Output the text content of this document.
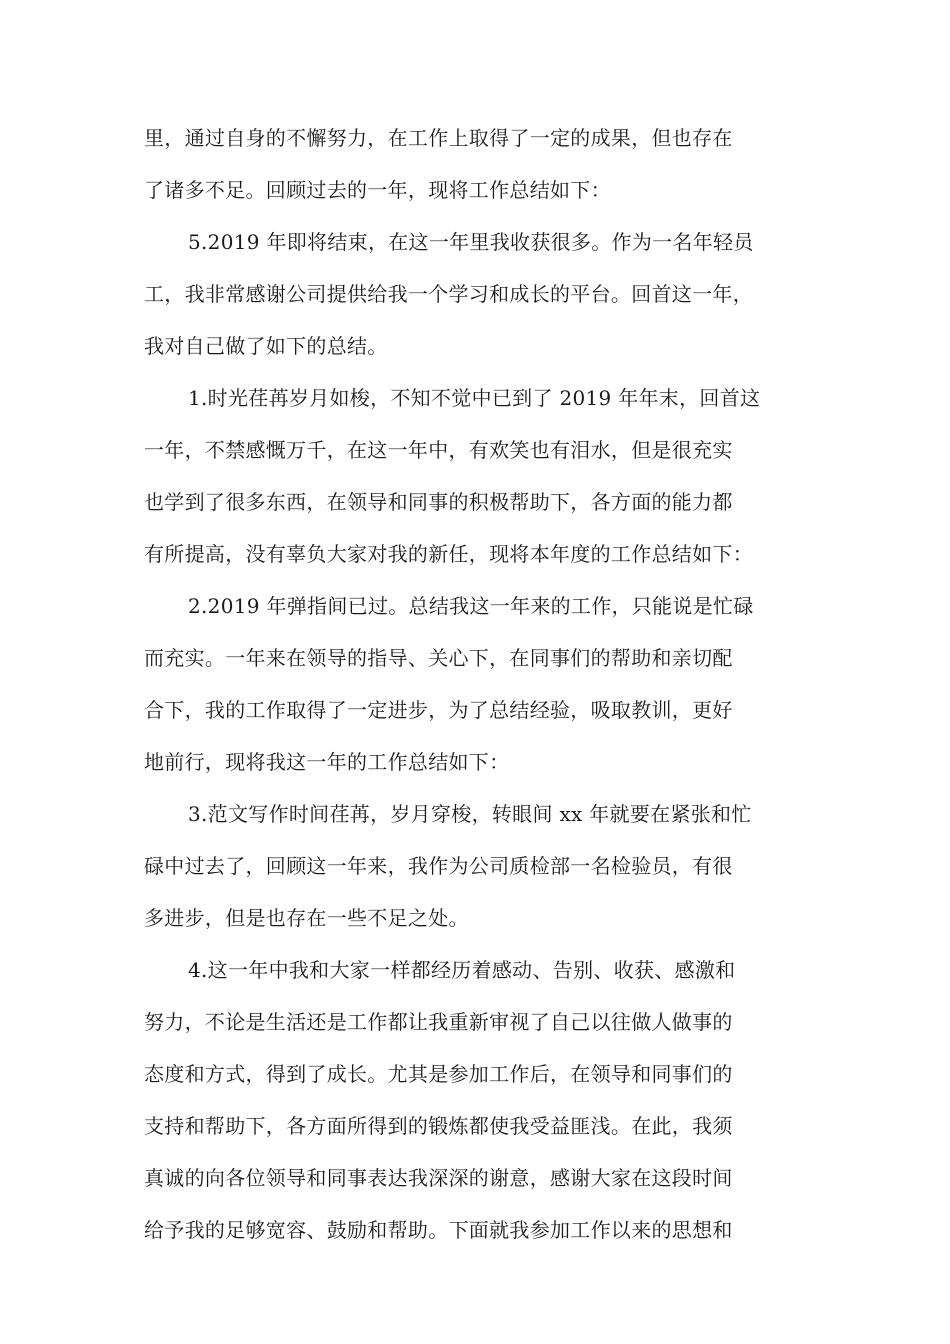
里，通过自身的不懈努力，在工作上取得了一定的成果，但也存在
了诸多不足。回顾过去的一年，现将工作总结如下：
5.2019 年即将结束，在这一年里我收获很多。作为一名年轻员
工，我非常感谢公司提供给我一个学习和成长的平台。回首这一年，
我对自己做了如下的总结。
1.时光荏苒岁月如梭，不知不觉中已到了 2019 年年末，回首这
一年，不禁感慨万千，在这一年中，有欢笑也有泪水，但是很充实
也学到了很多东西，在领导和同事的积极帮助下，各方面的能力都
有所提高，没有辜负大家对我的新任，现将本年度的工作总结如下：
2.2019 年弹指间已过。总结我这一年来的工作，只能说是忙碌
而充实。一年来在领导的指导、关心下，在同事们的帮助和亲切配
合下，我的工作取得了一定进步，为了总结经验，吸取教训，更好
地前行，现将我这一年的工作总结如下：
3.范文写作时间荏苒，岁月穿梭，转眼间 xx 年就要在紧张和忙
碌中过去了，回顾这一年来，我作为公司质检部一名检验员，有很
多进步，但是也存在一些不足之处。
4.这一年中我和大家一样都经历着感动、告别、收获、感激和
努力，不论是生活还是工作都让我重新审视了自己以往做人做事的
态度和方式，得到了成长。尤其是参加工作后，在领导和同事们的
支持和帮助下，各方面所得到的锻炼都使我受益匪浅。在此，我须
真诚的向各位领导和同事表达我深深的谢意，感谢大家在这段时间
给予我的足够宽容、鼓励和帮助。下面就我参加工作以来的思想和
